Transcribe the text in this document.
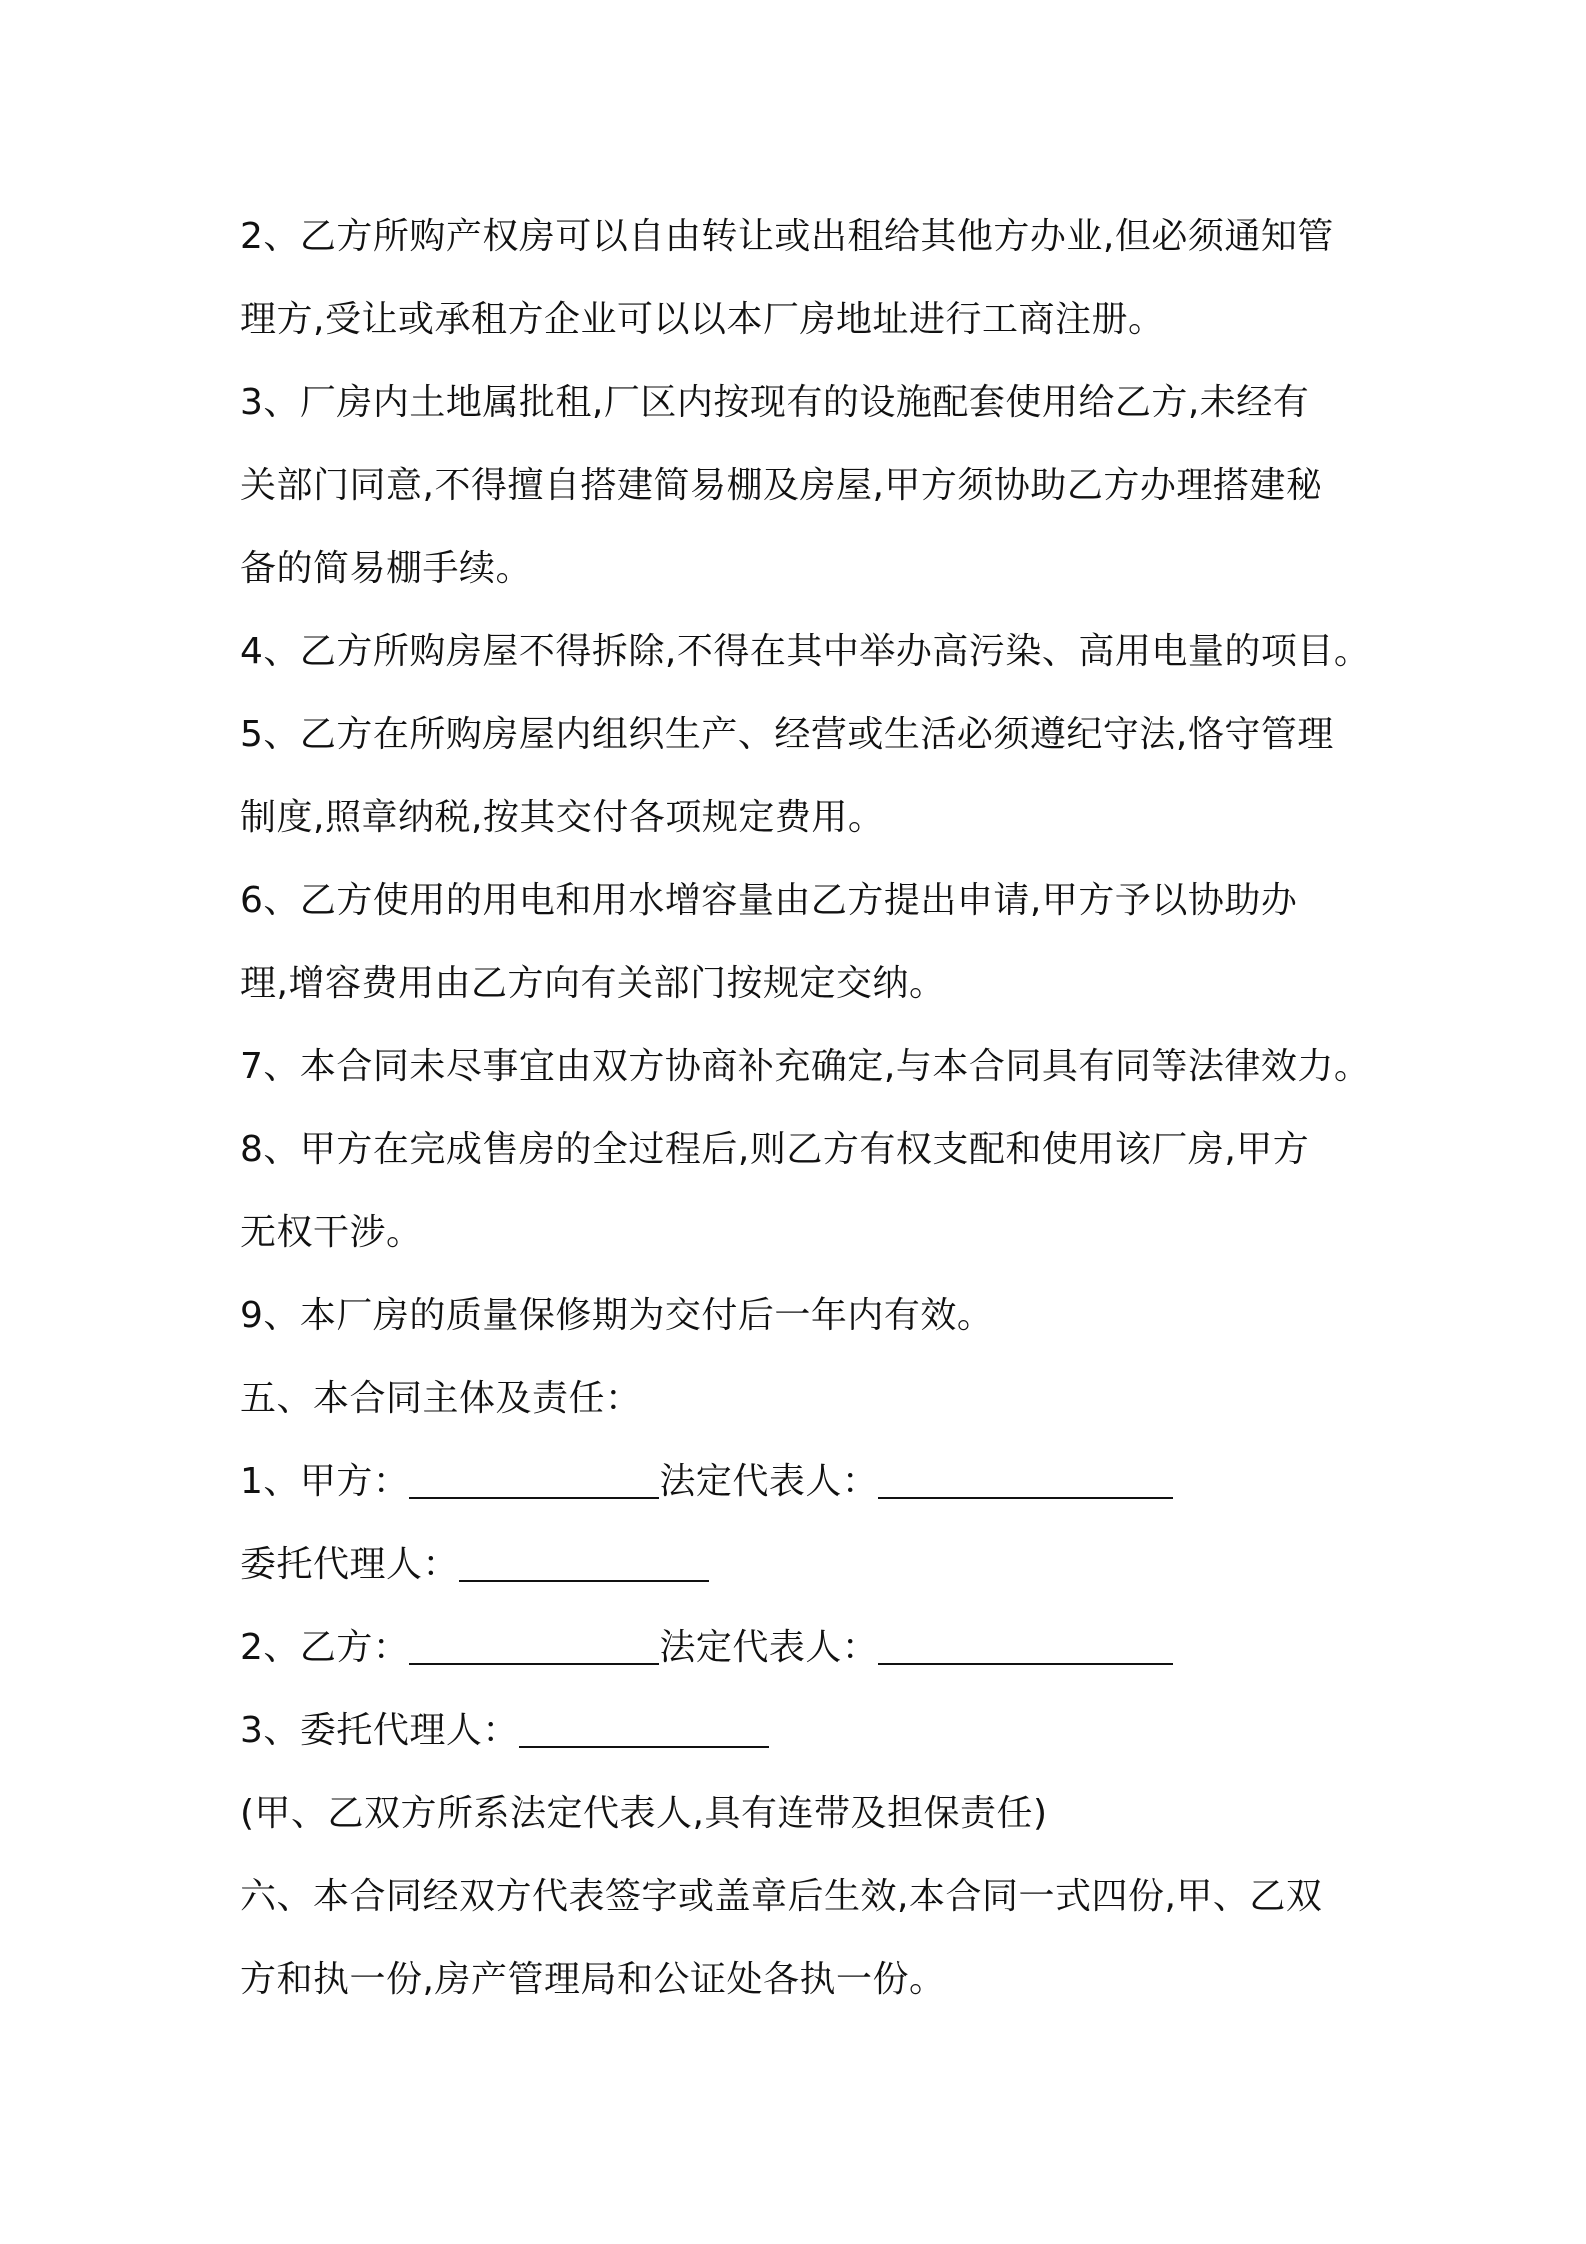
2、乙方所购产权房可以自由转让或出租给其他方办业,但必须通知管
理方,受让或承租方企业可以以本厂房地址进行工商注册。
3、厂房内土地属批租,厂区内按现有的设施配套使用给乙方,未经有
关部门同意,不得擅自搭建简易棚及房屋,甲方须协助乙方办理搭建秘
备的简易棚手续。
4、乙方所购房屋不得拆除,不得在其中举办高污染、高用电量的项目。
5、乙方在所购房屋内组织生产、经营或生活必须遵纪守法,恪守管理
制度,照章纳税,按其交付各项规定费用。
6、乙方使用的用电和用水增容量由乙方提出申请,甲方予以协助办
理,增容费用由乙方向有关部门按规定交纳。
7、本合同未尽事宜由双方协商补充确定,与本合同具有同等法律效力。
8、甲方在完成售房的全过程后,则乙方有权支配和使用该厂房,甲方
无权干涉。
9、本厂房的质量保修期为交付后一年内有效。
五、本合同主体及责任：
1、甲方：	法定代表人：
委托代理人：
2、乙方：	法定代表人：
3、委托代理人：
(甲、乙双方所系法定代表人,具有连带及担保责任)
六、本合同经双方代表签字或盖章后生效,本合同一式四份,甲、乙双
方和执一份,房产管理局和公证处各执一份。
